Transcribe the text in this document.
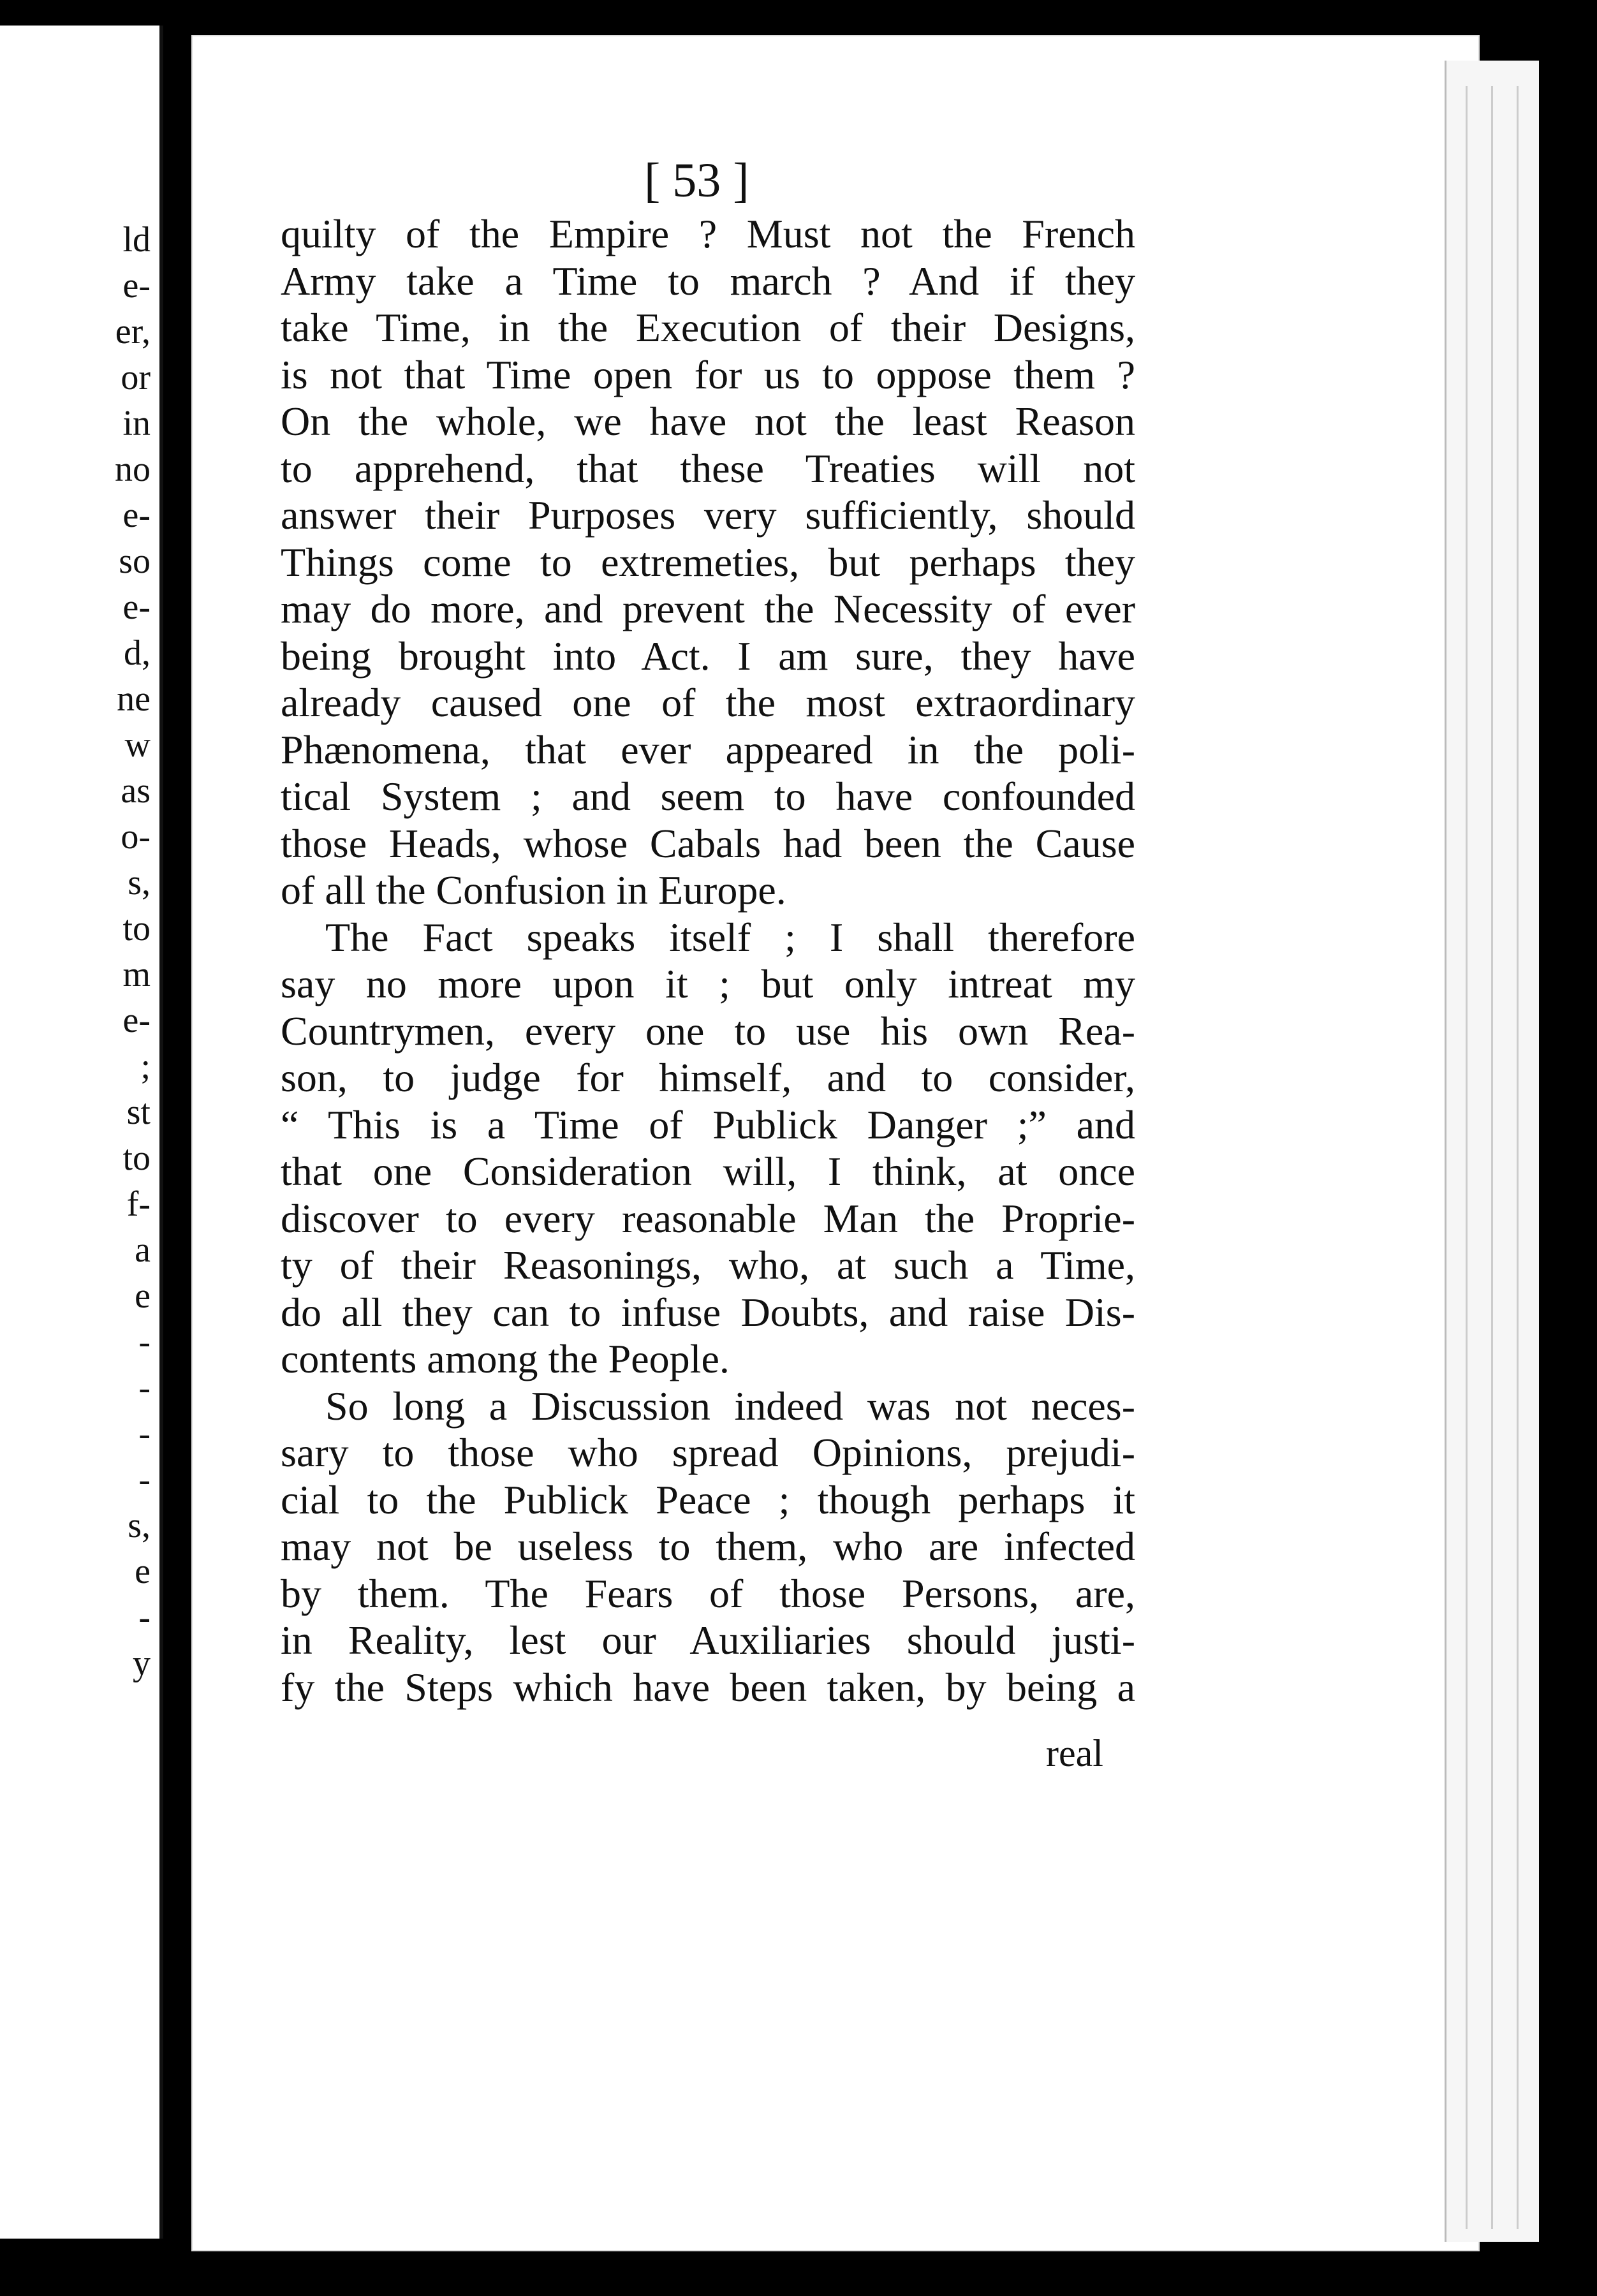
ld
e-
er,
or
in
no
e-
so
e-
d,
ne
w
as
o-
s,
to
m
e-
;
st
to
f-
a
e
-
-
-
-
s,
e
-
y
[ 53 ]
quilty of the Empire ? Must not the French
Army take a Time to march ? And if they
take Time, in the Execution of their Designs,
is not that Time open for us to oppose them ?
On the whole, we have not the least Reason
to apprehend, that these Treaties will not
answer their Purposes very sufficiently, should
Things come to extremeties, but perhaps they
may do more, and prevent the Necessity of ever
being brought into Act. I am sure, they have
already caused one of the most extraordinary
Phænomena, that ever appeared in the poli-
tical System ; and seem to have confounded
those Heads, whose Cabals had been the Cause
of all the Confusion in Europe.
The Fact speaks itself ; I shall therefore
say no more upon it ; but only intreat my
Countrymen, every one to use his own Rea-
son, to judge for himself, and to consider,
“ This is a Time of Publick Danger ;” and
that one Consideration will, I think, at once
discover to every reasonable Man the Proprie-
ty of their Reasonings, who, at such a Time,
do all they can to infuse Doubts, and raise Dis-
contents among the People.
So long a Discussion indeed was not neces-
sary to those who spread Opinions, prejudi-
cial to the Publick Peace ; though perhaps it
may not be useless to them, who are infected
by them. The Fears of those Persons, are,
in Reality, lest our Auxiliaries should justi-
fy the Steps which have been taken, by being a
real
